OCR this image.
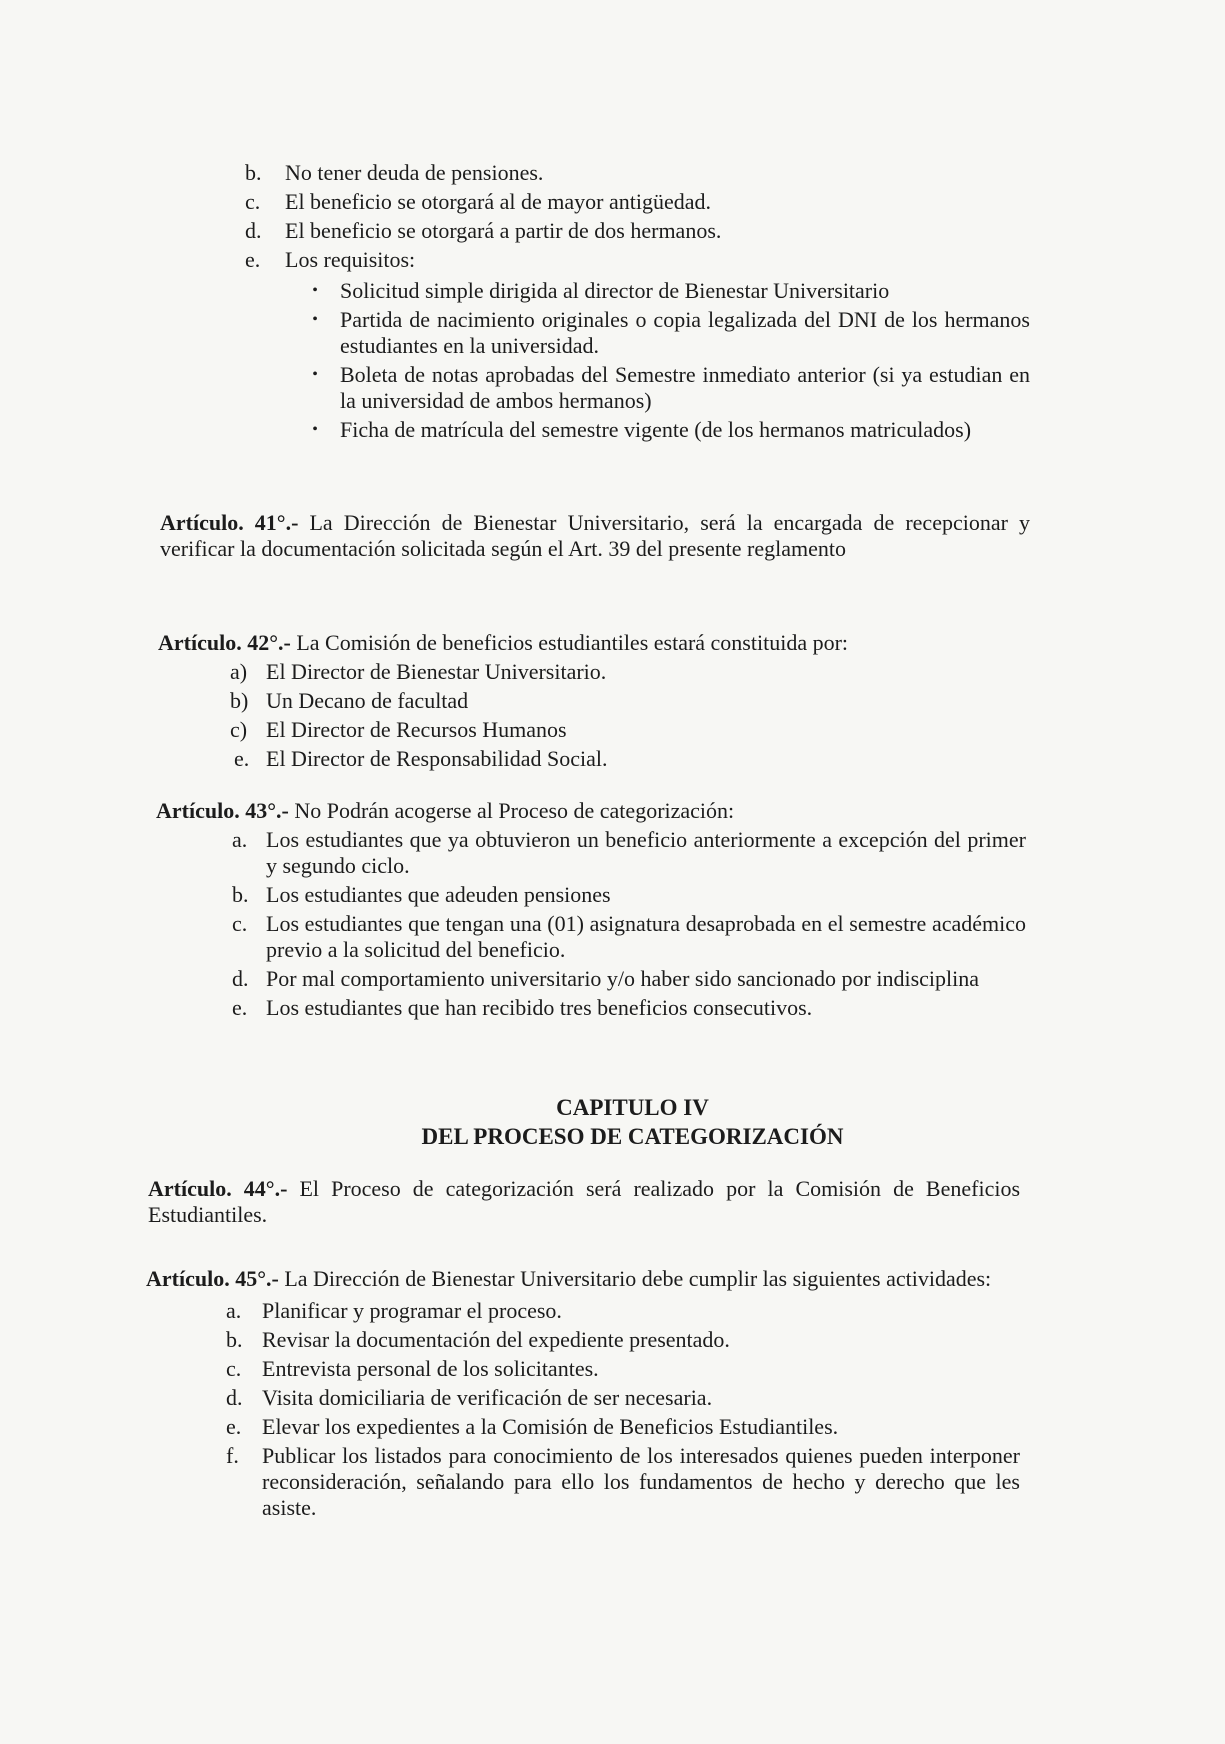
b.	No tener deuda de pensiones.
c.	El beneficio se otorgará al de mayor antigüedad.
d.	El beneficio se otorgará a partir de dos hermanos.
e.	Los requisitos:
•	Solicitud simple dirigida al director de Bienestar Universitario
•	Partida de nacimiento originales o copia legalizada del DNI de los hermanos estudiantes en la universidad.
•	Boleta de notas aprobadas del Semestre inmediato anterior (si ya estudian en la universidad de ambos hermanos)
•	Ficha de matrícula del semestre vigente (de los hermanos matriculados)
Artículo. 41°.- La Dirección de Bienestar Universitario, será la encargada de recepcionar y verificar la documentación solicitada según el Art. 39 del presente reglamento
Artículo. 42°.- La Comisión de beneficios estudiantiles estará constituida por:
a) El Director de Bienestar Universitario.
b) Un Decano de facultad
c) El Director de Recursos Humanos
e. El Director de Responsabilidad Social.
Artículo. 43°.- No Podrán acogerse al Proceso de categorización:
a. Los estudiantes que ya obtuvieron un beneficio anteriormente a excepción del primer y segundo ciclo.
b. Los estudiantes que adeuden pensiones
c. Los estudiantes que tengan una (01) asignatura desaprobada en el semestre académico previo a la solicitud del beneficio.
d. Por mal comportamiento universitario y/o haber sido sancionado por indisciplina
e. Los estudiantes que han recibido tres beneficios consecutivos.
CAPITULO IV
DEL PROCESO DE CATEGORIZACIÓN
Artículo. 44°.- El Proceso de categorización será realizado por la Comisión de Beneficios Estudiantiles.
Artículo. 45°.- La Dirección de Bienestar Universitario debe cumplir las siguientes actividades:
a. Planificar y programar el proceso.
b. Revisar la documentación del expediente presentado.
c. Entrevista personal de los solicitantes.
d. Visita domiciliaria de verificación de ser necesaria.
e. Elevar los expedientes a la Comisión de Beneficios Estudiantiles.
f.	Publicar los listados para conocimiento de los interesados quienes pueden interponer reconsideración, señalando para ello los fundamentos de hecho y derecho que les asiste.
